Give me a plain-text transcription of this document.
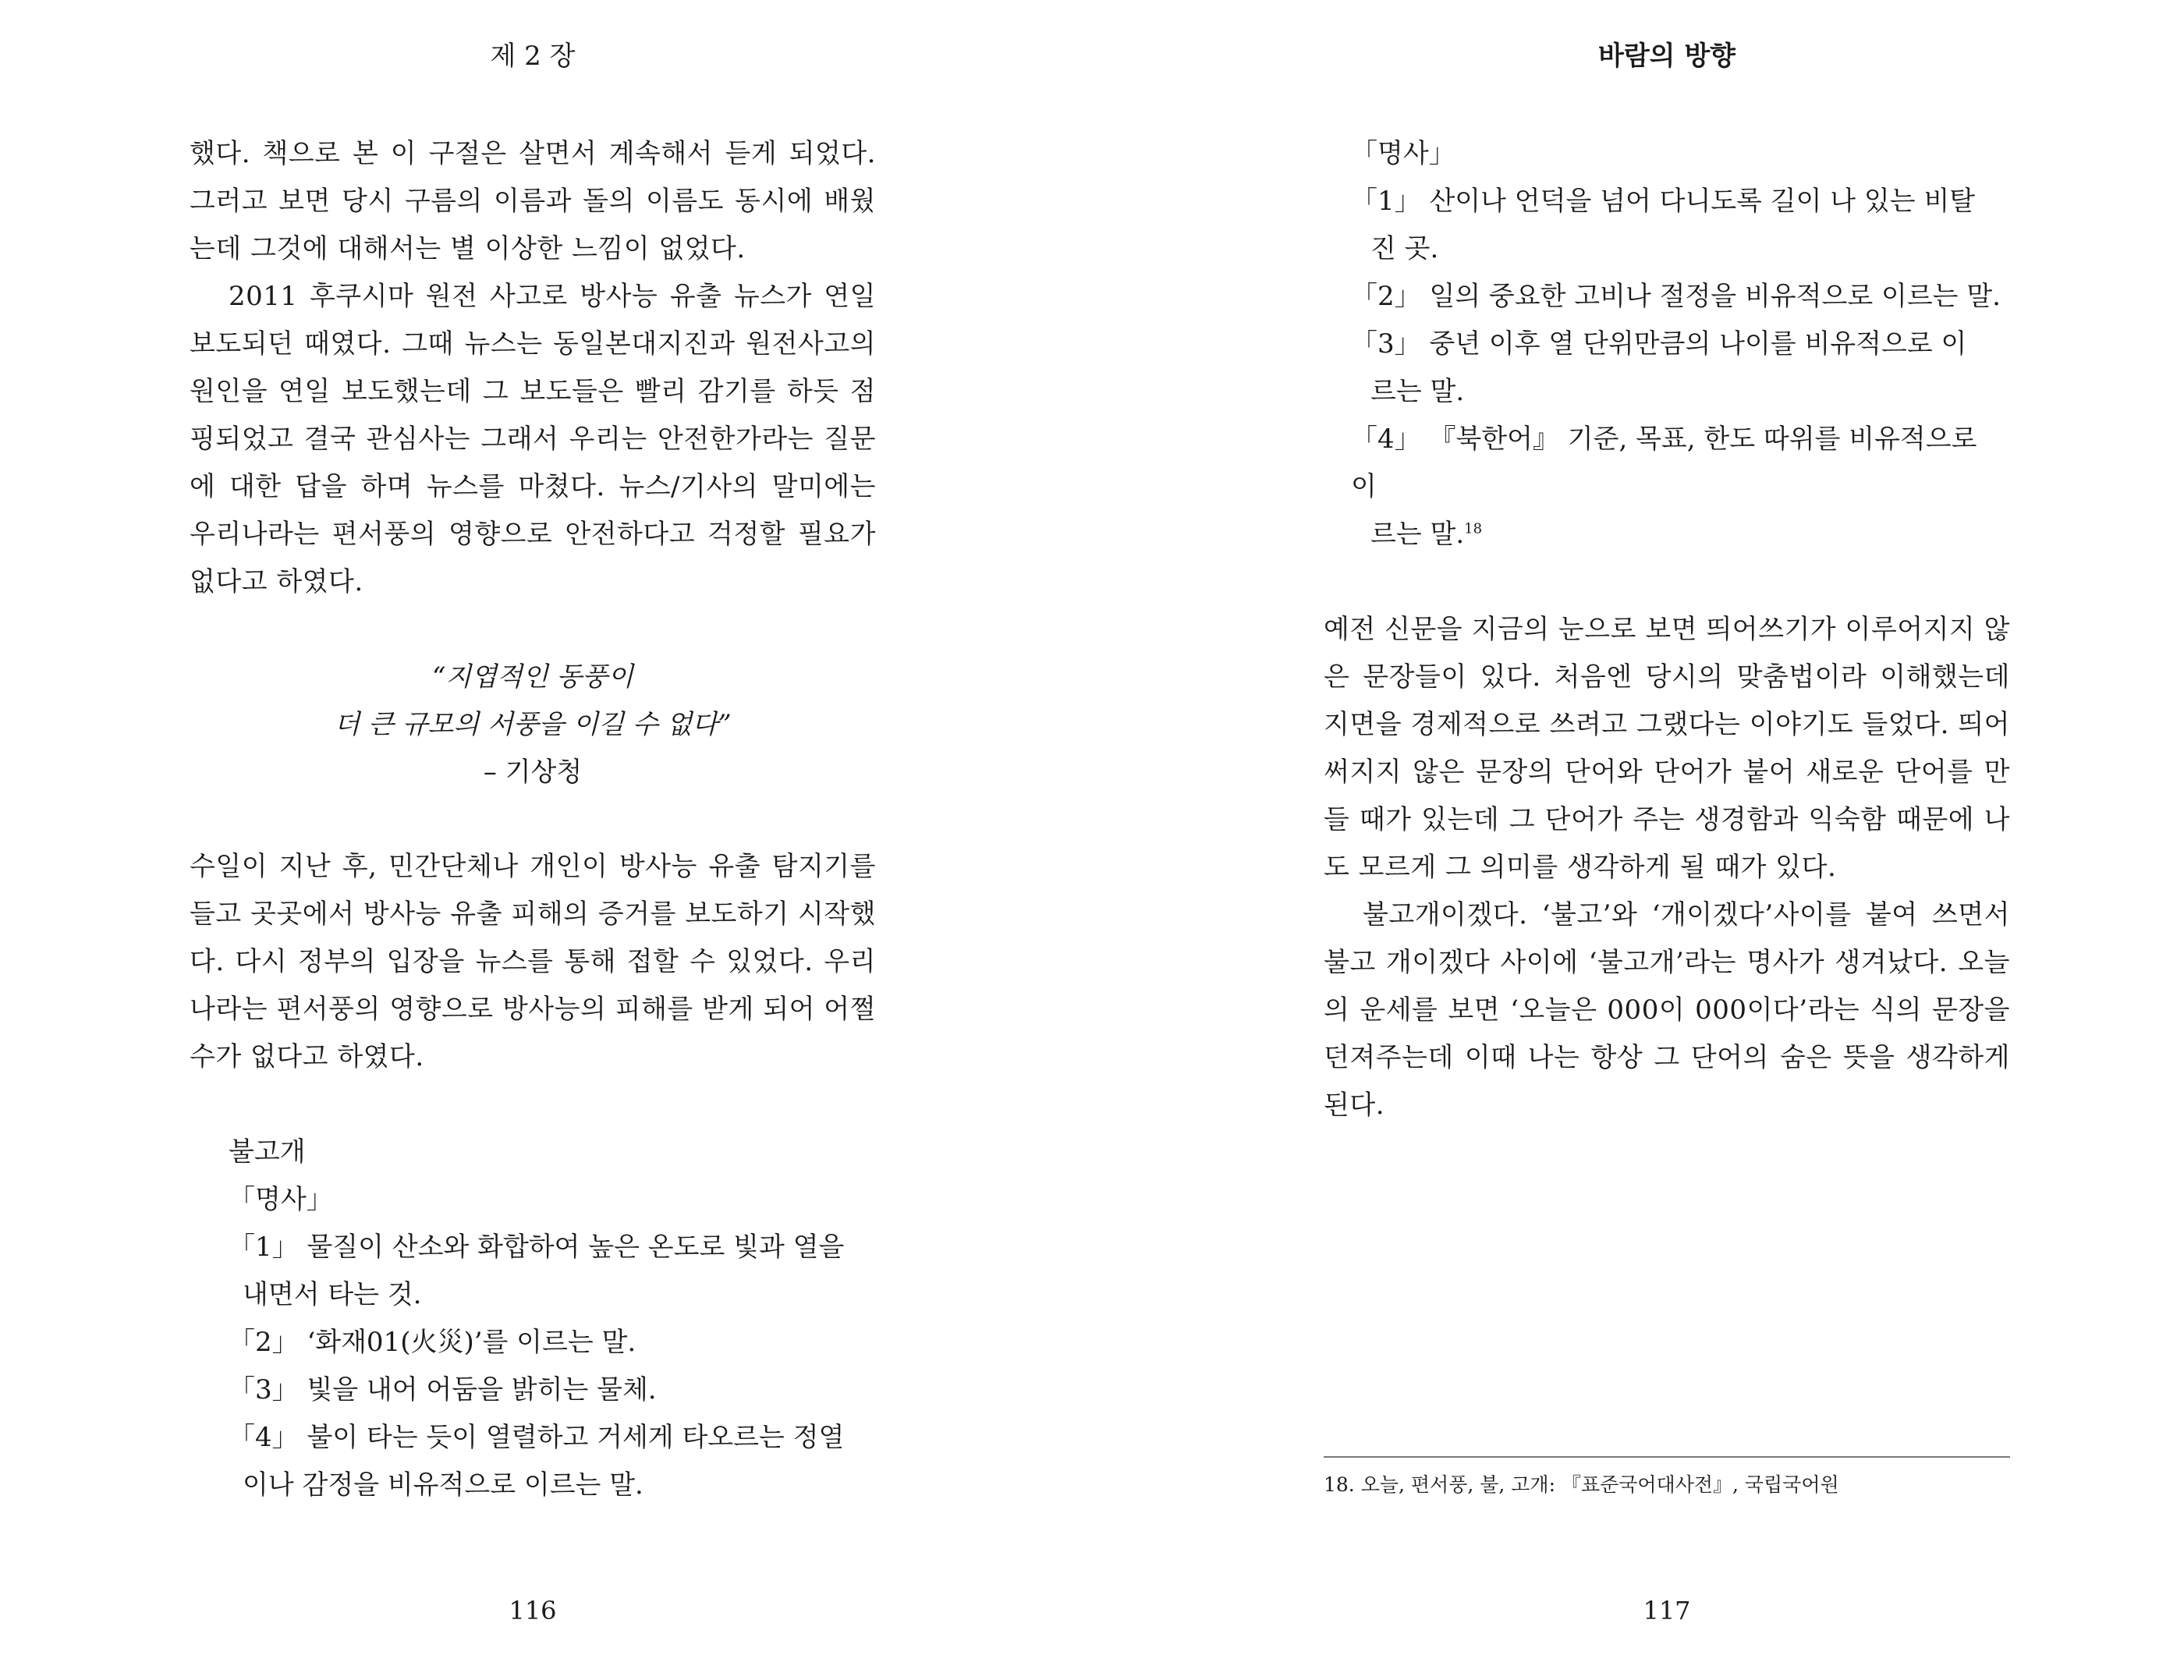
제 2 장

했다. 책으로 본 이 구절은 살면서 계속해서 듣게 되었다. 그러고 보면 당시 구름의 이름과 돌의 이름도 동시에 배웠는데 그것에 대해서는 별 이상한 느낌이 없었다.

2011 후쿠시마 원전 사고로 방사능 유출 뉴스가 연일 보도되던 때였다. 그때 뉴스는 동일본대지진과 원전사고의 원인을 연일 보도했는데 그 보도들은 빨리 감기를 하듯 점핑되었고 결국 관심사는 그래서 우리는 안전한가라는 질문에 대한 답을 하며 뉴스를 마쳤다. 뉴스/기사의 말미에는 우리나라는 편서풍의 영향으로 안전하다고 걱정할 필요가 없다고 하였다.

“지엽적인 동풍이

더 큰 규모의 서풍을 이길 수 없다”

– 기상청

수일이 지난 후, 민간단체나 개인이 방사능 유출 탐지기를 들고 곳곳에서 방사능 유출 피해의 증거를 보도하기 시작했다. 다시 정부의 입장을 뉴스를 통해 접할 수 있었다. 우리나라는 편서풍의 영향으로 방사능의 피해를 받게 되어 어쩔 수가 없다고 하였다.

불고개

「명사」

「1」 물질이 산소와 화합하여 높은 온도로 빛과 열을

내면서 타는 것.

「2」 ‘화재01(火災)’를 이르는 말.

「3」 빛을 내어 어둠을 밝히는 물체.

「4」 불이 타는 듯이 열렬하고 거세게 타오르는 정열

이나 감정을 비유적으로 이르는 말.

116

바람의 방향

「명사」

「1」 산이나 언덕을 넘어 다니도록 길이 나 있는 비탈

진 곳.

「2」 일의 중요한 고비나 절정을 비유적으로 이르는 말.

「3」 중년 이후 열 단위만큼의 나이를 비유적으로 이

르는 말.

「4」 『북한어』 기준, 목표, 한도 따위를 비유적으로 이

르는 말.$^{18}$

예전 신문을 지금의 눈으로 보면 띄어쓰기가 이루어지지 않은 문장들이 있다. 처음엔 당시의 맞춤법이라 이해했는데 지면을 경제적으로 쓰려고 그랬다는 이야기도 들었다. 띄어써지지 않은 문장의 단어와 단어가 붙어 새로운 단어를 만들 때가 있는데 그 단어가 주는 생경함과 익숙함 때문에 나도 모르게 그 의미를 생각하게 될 때가 있다.

불고개이겠다. ‘불고’와 ‘개이겠다’사이를 붙여 쓰면서 불고 개이겠다 사이에 ‘불고개’라는 명사가 생겨났다. 오늘의 운세를 보면 ‘오늘은 000이 000이다’라는 식의 문장을 던져주는데 이때 나는 항상 그 단어의 숨은 뜻을 생각하게 된다.

18. 오늘, 편서풍, 불, 고개: 『표준국어대사전』, 국립국어원

117
